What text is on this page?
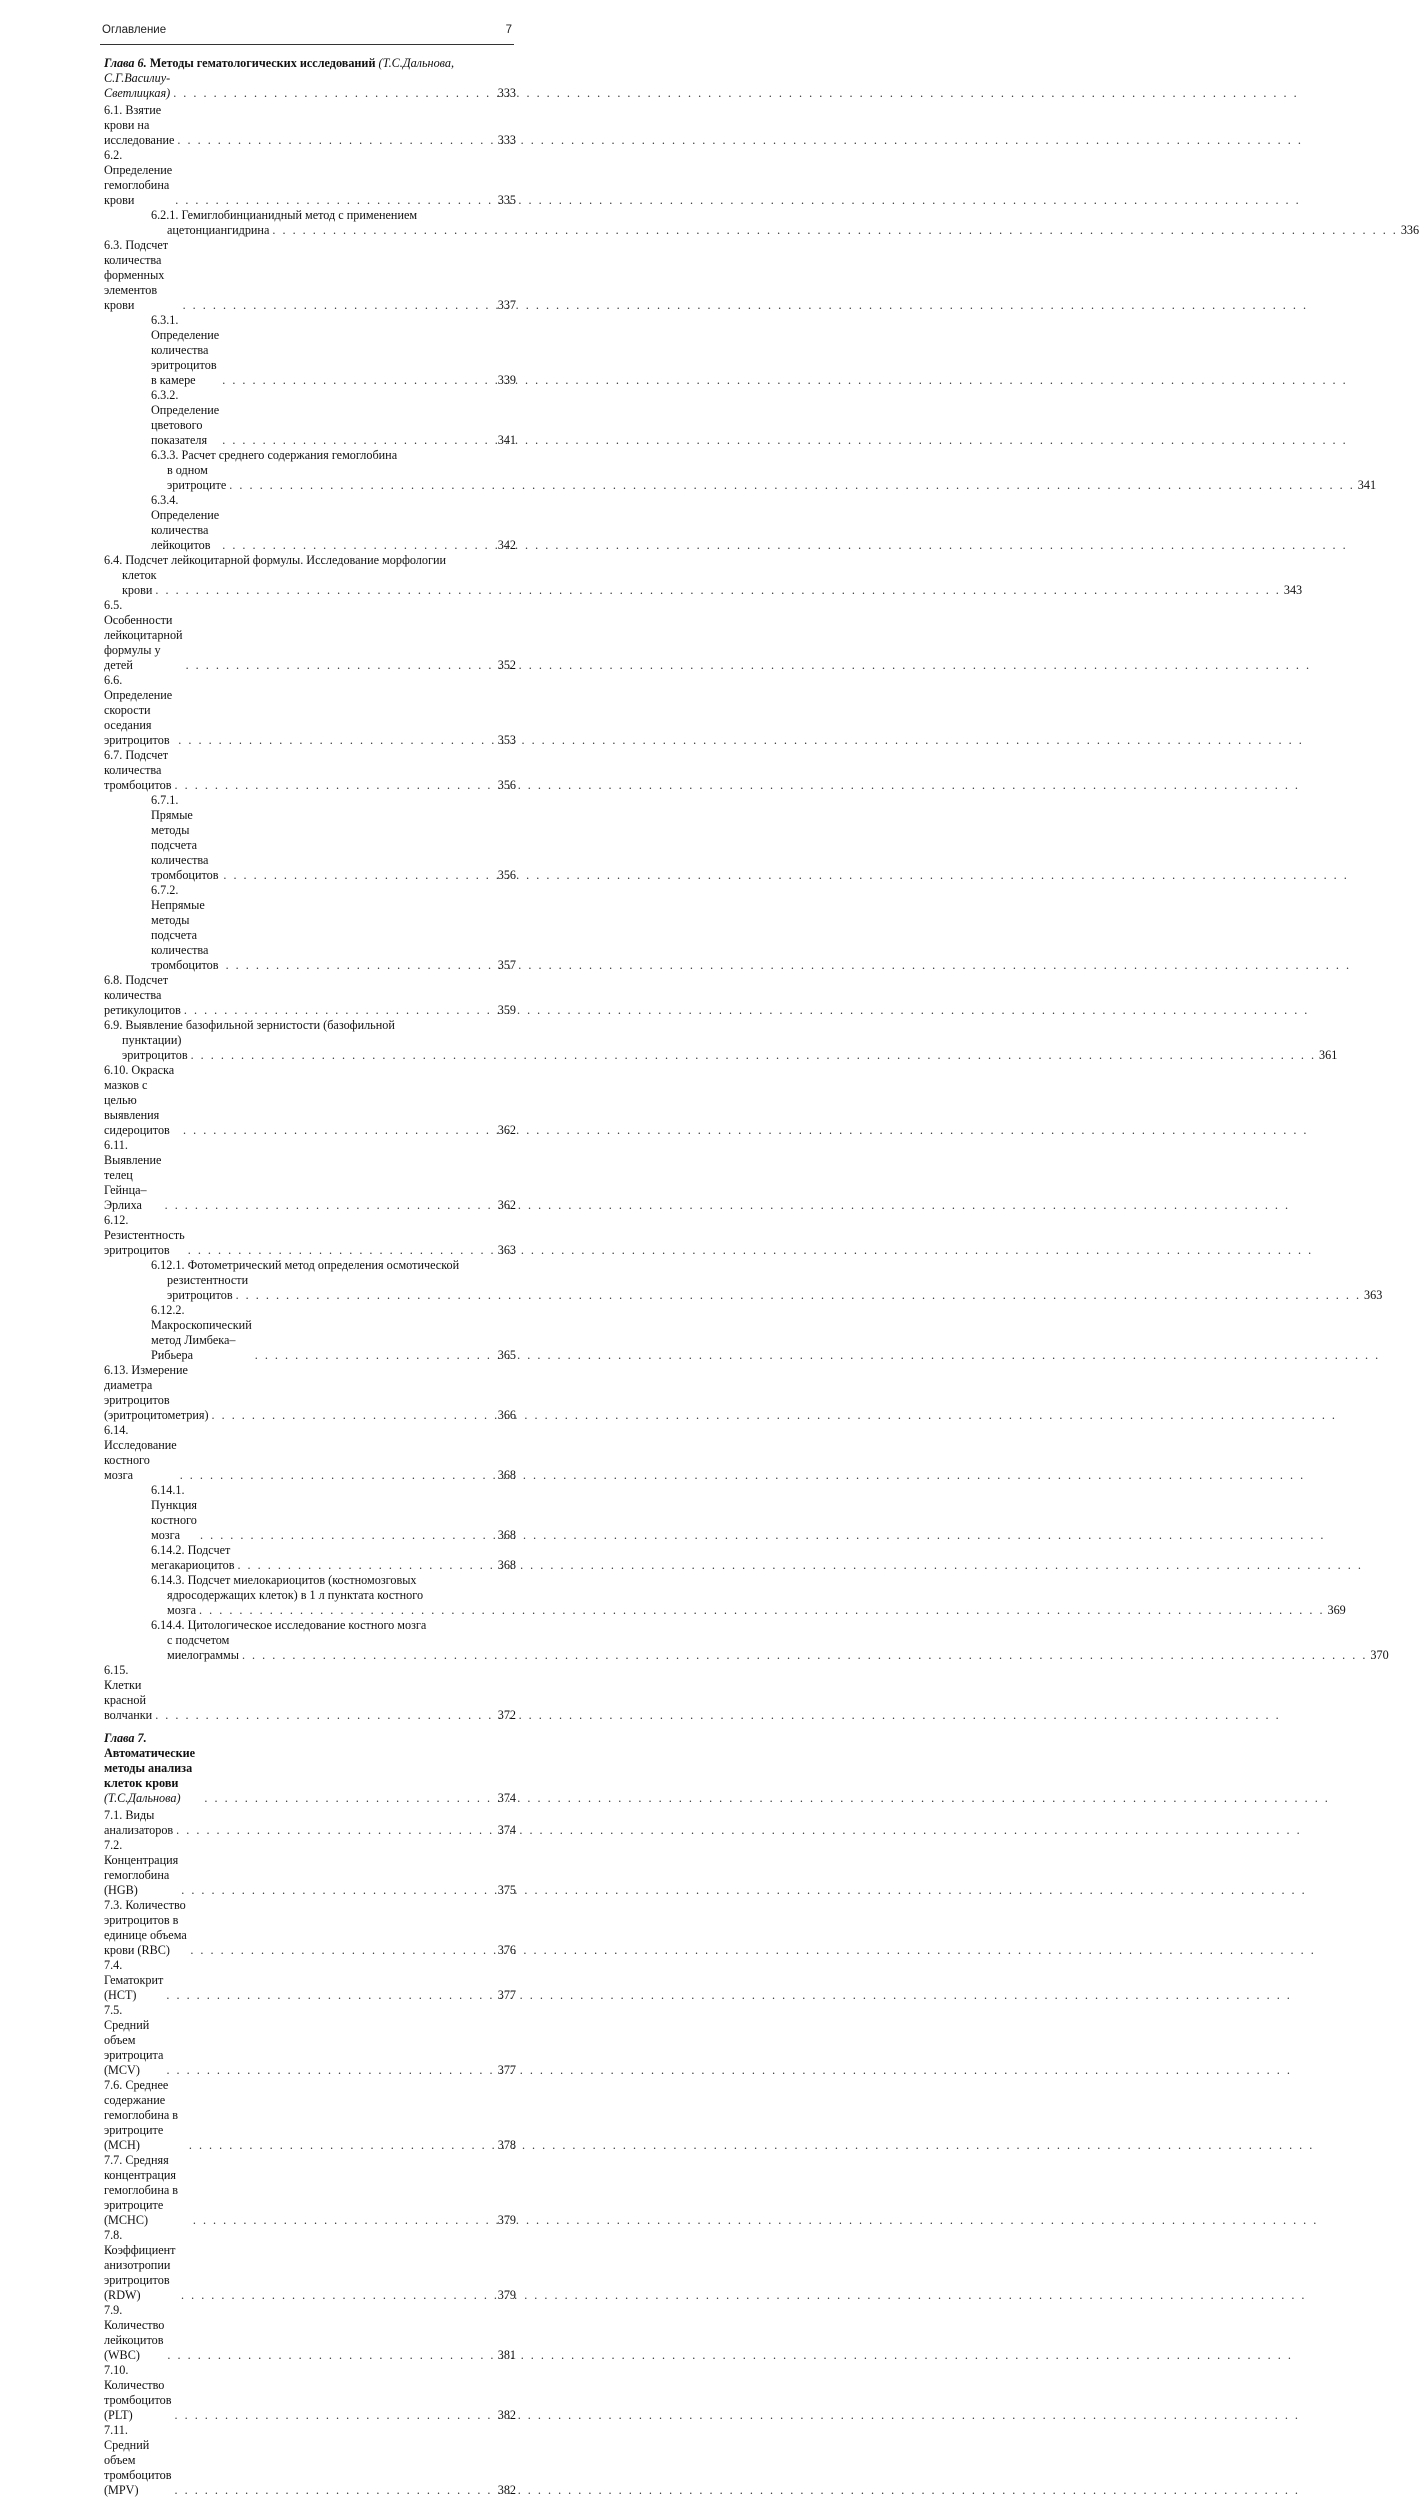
Оглавление	7
Глава 6. Методы гематологических исследований (Т.С.Дальнова,
С.Г.Василиу-Светлицкая) . . .	333
6.1. Взятие крови на исследование . . .	333
6.2. Определение гемоглобина крови . . .	335
6.2.1. Гемиглобинцианидный метод с применением
ацетонциангидрина . . .	336
6.3. Подсчет количества форменных элементов крови . . .	337
6.3.1. Определение количества эритроцитов в камере . . .	339
6.3.2. Определение цветового показателя . . .	341
6.3.3. Расчет среднего содержания гемоглобина
в одном эритроците . . .	341
6.3.4. Определение количества лейкоцитов . . .	342
6.4. Подсчет лейкоцитарной формулы. Исследование морфологии
клеток крови . . .	343
6.5. Особенности лейкоцитарной формулы у детей . . .	352
6.6. Определение скорости оседания эритроцитов . . .	353
6.7. Подсчет количества тромбоцитов . . .	356
6.7.1. Прямые методы подсчета количества тромбоцитов . . .	356
6.7.2. Непрямые методы подсчета количества тромбоцитов . . .	357
6.8. Подсчет количества ретикулоцитов . . .	359
6.9. Выявление базофильной зернистости (базофильной
пунктации) эритроцитов . . .	361
6.10. Окраска мазков с целью выявления сидероцитов . . .	362
6.11. Выявление телец Гейнца–Эрлиха . . .	362
6.12. Резистентность эритроцитов . . .	363
6.12.1. Фотометрический метод определения осмотической
резистентности эритроцитов . . .	363
6.12.2. Макроскопический метод Лимбека–Рибьера . . .	365
6.13. Измерение диаметра эритроцитов (эритроцитометрия) . . .	366
6.14. Исследование костного мозга . . .	368
6.14.1. Пункция костного мозга . . .	368
6.14.2. Подсчет мегакариоцитов . . .	368
6.14.3. Подсчет миелокариоцитов (костномозговых
ядросодержащих клеток) в 1 л пунктата костного мозга . . .	369
6.14.4. Цитологическое исследование костного мозга
с подсчетом миелограммы . . .	370
6.15. Клетки красной волчанки . . .	372
Глава 7. Автоматические методы анализа клеток крови (Т.С.Дальнова) . . .	374
7.1. Виды анализаторов . . .	374
7.2. Концентрация гемоглобина (HGB) . . .	375
7.3. Количество эритроцитов в единице объема крови (RBC) . . .	376
7.4. Гематокрит (HCT) . . .	377
7.5. Средний объем эритроцита (MCV) . . .	377
7.6. Среднее содержание гемоглобина в эритроците (MCH) . . .	378
7.7. Средняя концентрация гемоглобина в эритроците (MCHC) . . .	379
7.8. Коэффициент анизотропии эритроцитов (RDW) . . .	379
7.9. Количество лейкоцитов (WBC) . . .	381
7.10. Количество тромбоцитов (PLT) . . .	382
7.11. Средний объем тромбоцитов (MPV) . . .	382
